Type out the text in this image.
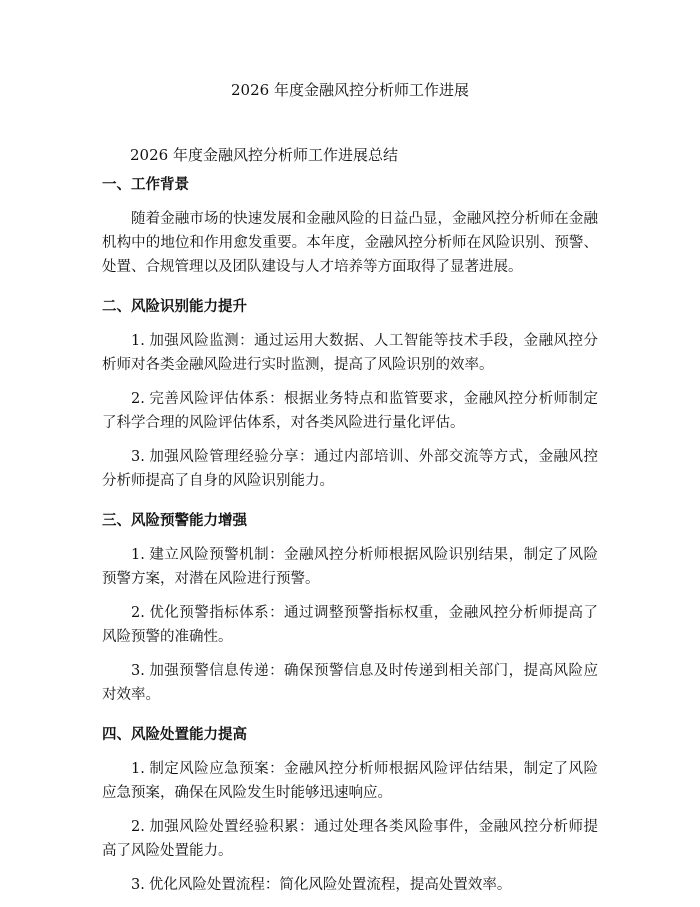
2026 年度金融风控分析师工作进展

2026 年度金融风控分析师工作进展总结

一、工作背景

随着金融市场的快速发展和金融风险的日益凸显，金融风控分析师在金融机构中的地位和作用愈发重要。本年度，金融风控分析师在风险识别、预警、处置、合规管理以及团队建设与人才培养等方面取得了显著进展。

二、风险识别能力提升

1. 加强风险监测：通过运用大数据、人工智能等技术手段，金融风控分析师对各类金融风险进行实时监测，提高了风险识别的效率。

2. 完善风险评估体系：根据业务特点和监管要求，金融风控分析师制定了科学合理的风险评估体系，对各类风险进行量化评估。

3. 加强风险管理经验分享：通过内部培训、外部交流等方式，金融风控分析师提高了自身的风险识别能力。

三、风险预警能力增强

1. 建立风险预警机制：金融风控分析师根据风险识别结果，制定了风险预警方案，对潜在风险进行预警。

2. 优化预警指标体系：通过调整预警指标权重，金融风控分析师提高了风险预警的准确性。

3. 加强预警信息传递：确保预警信息及时传递到相关部门，提高风险应对效率。

四、风险处置能力提高

1. 制定风险应急预案：金融风控分析师根据风险评估结果，制定了风险应急预案，确保在风险发生时能够迅速响应。

2. 加强风险处置经验积累：通过处理各类风险事件，金融风控分析师提高了风险处置能力。

3. 优化风险处置流程：简化风险处置流程，提高处置效率。
